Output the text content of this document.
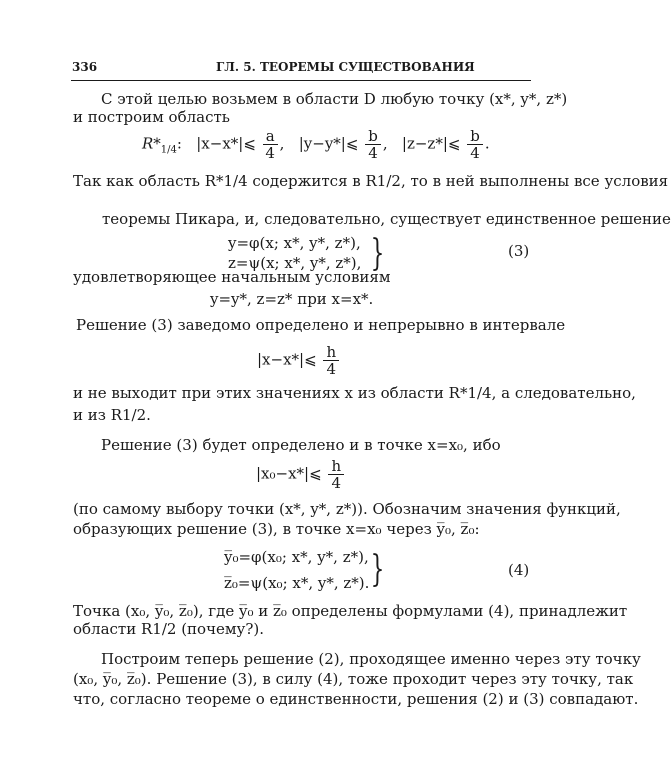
336	ГЛ. 5. ТЕОРЕМЫ СУЩЕСТВОВАНИЯ
С этой целью возьмем в области D любую точку (x*, y*, z*)
и построим область
$R*_{1/4}$:   |x−x*|⩽ $\frac{a}{4}$ ,   |y−y*|⩽ $\frac{b}{4}$ ,   |z−z*|⩽ $\frac{b}{4}$ .
Так как область R*1/4 содержится в R1/2, то в ней выполнены все условия
теоремы Пикара, и, следовательно, существует единственное решение
y=φ(x; x*, y*, z*),
z=ψ(x; x*, y*, z*), }	(3)
удовлетворяющее начальным условиям
y=y*, z=z* при x=x*.
Решение (3) заведомо определено и непрерывно в интервале
|x−x*|⩽ $\frac{h}{4}$
и не выходит при этих значениях x из области R*1/4, а следовательно,
и из R1/2.
Решение (3) будет определено и в точке x=x₀, ибо
|x₀−x*|⩽ $\frac{h}{4}$
(по самому выбору точки (x*, y*, z*)). Обозначим значения функций,
образующих решение (3), в точке x=x₀ через y̅₀, z̅₀:
y̅₀=φ(x₀; x*, y*, z*),
z̅₀=ψ(x₀; x*, y*, z*). }	(4)
Точка (x₀, y̅₀, z̅₀), где y̅₀ и z̅₀ определены формулами (4), принадлежит
области R1/2 (почему?).
Построим теперь решение (2), проходящее именно через эту точку
(x₀, y̅₀, z̅₀). Решение (3), в силу (4), тоже проходит через эту точку, так
что, согласно теореме о единственности, решения (2) и (3) совпадают.
